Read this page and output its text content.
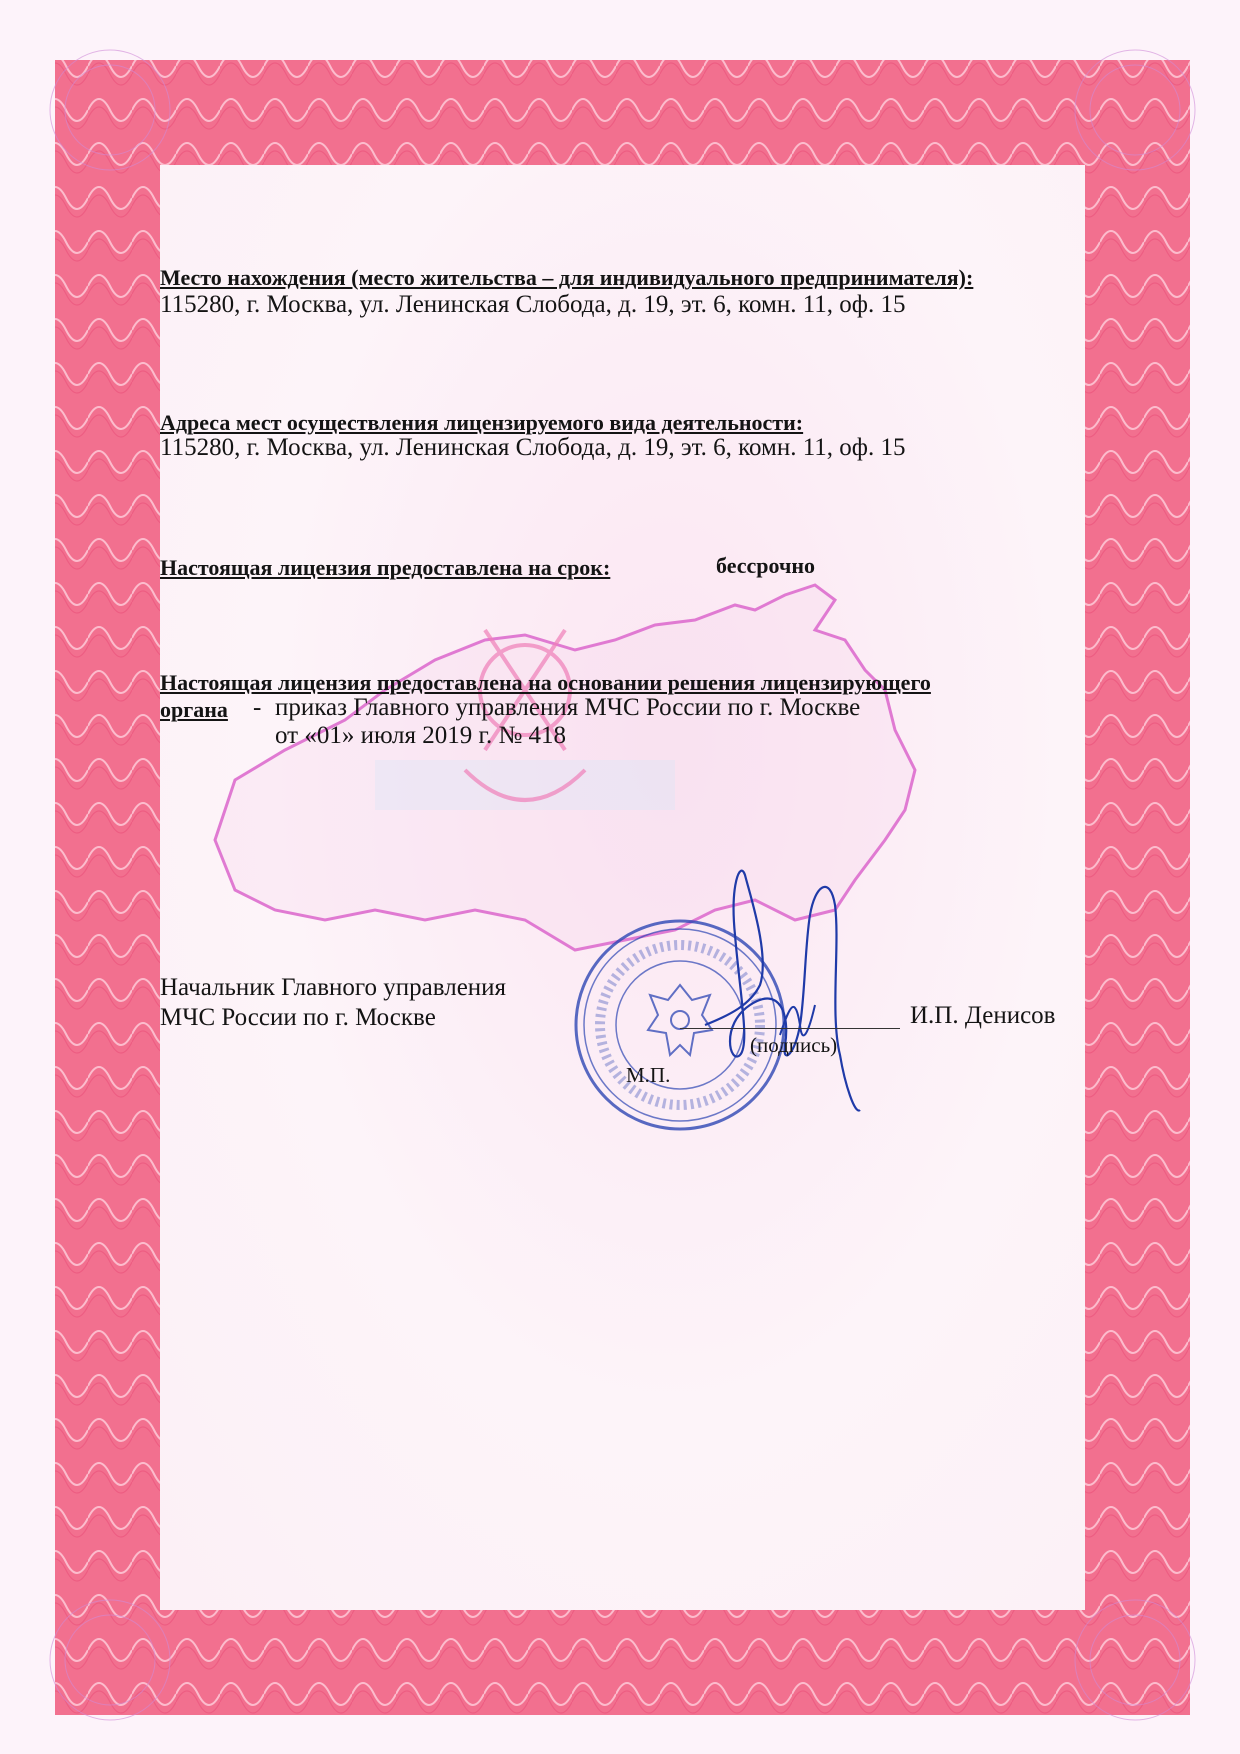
Место нахождения (место жительства – для индивидуального предпринимателя):
115280, г. Москва, ул. Ленинская Слобода, д. 19, эт. 6, комн. 11, оф. 15
Адреса мест осуществления лицензируемого вида деятельности:
115280, г. Москва, ул. Ленинская Слобода, д. 19, эт. 6, комн. 11, оф. 15
Настоящая лицензия предоставлена на срок:	бессрочно
Настоящая лицензия предоставлена на основании решения лицензирующего
органа - приказ Главного управления МЧС России по г. Москве
от «01» июля 2019 г. № 418
Начальник Главного управления
МЧС России по г. Москве
(подпись)
И.П. Денисов
М.П.
